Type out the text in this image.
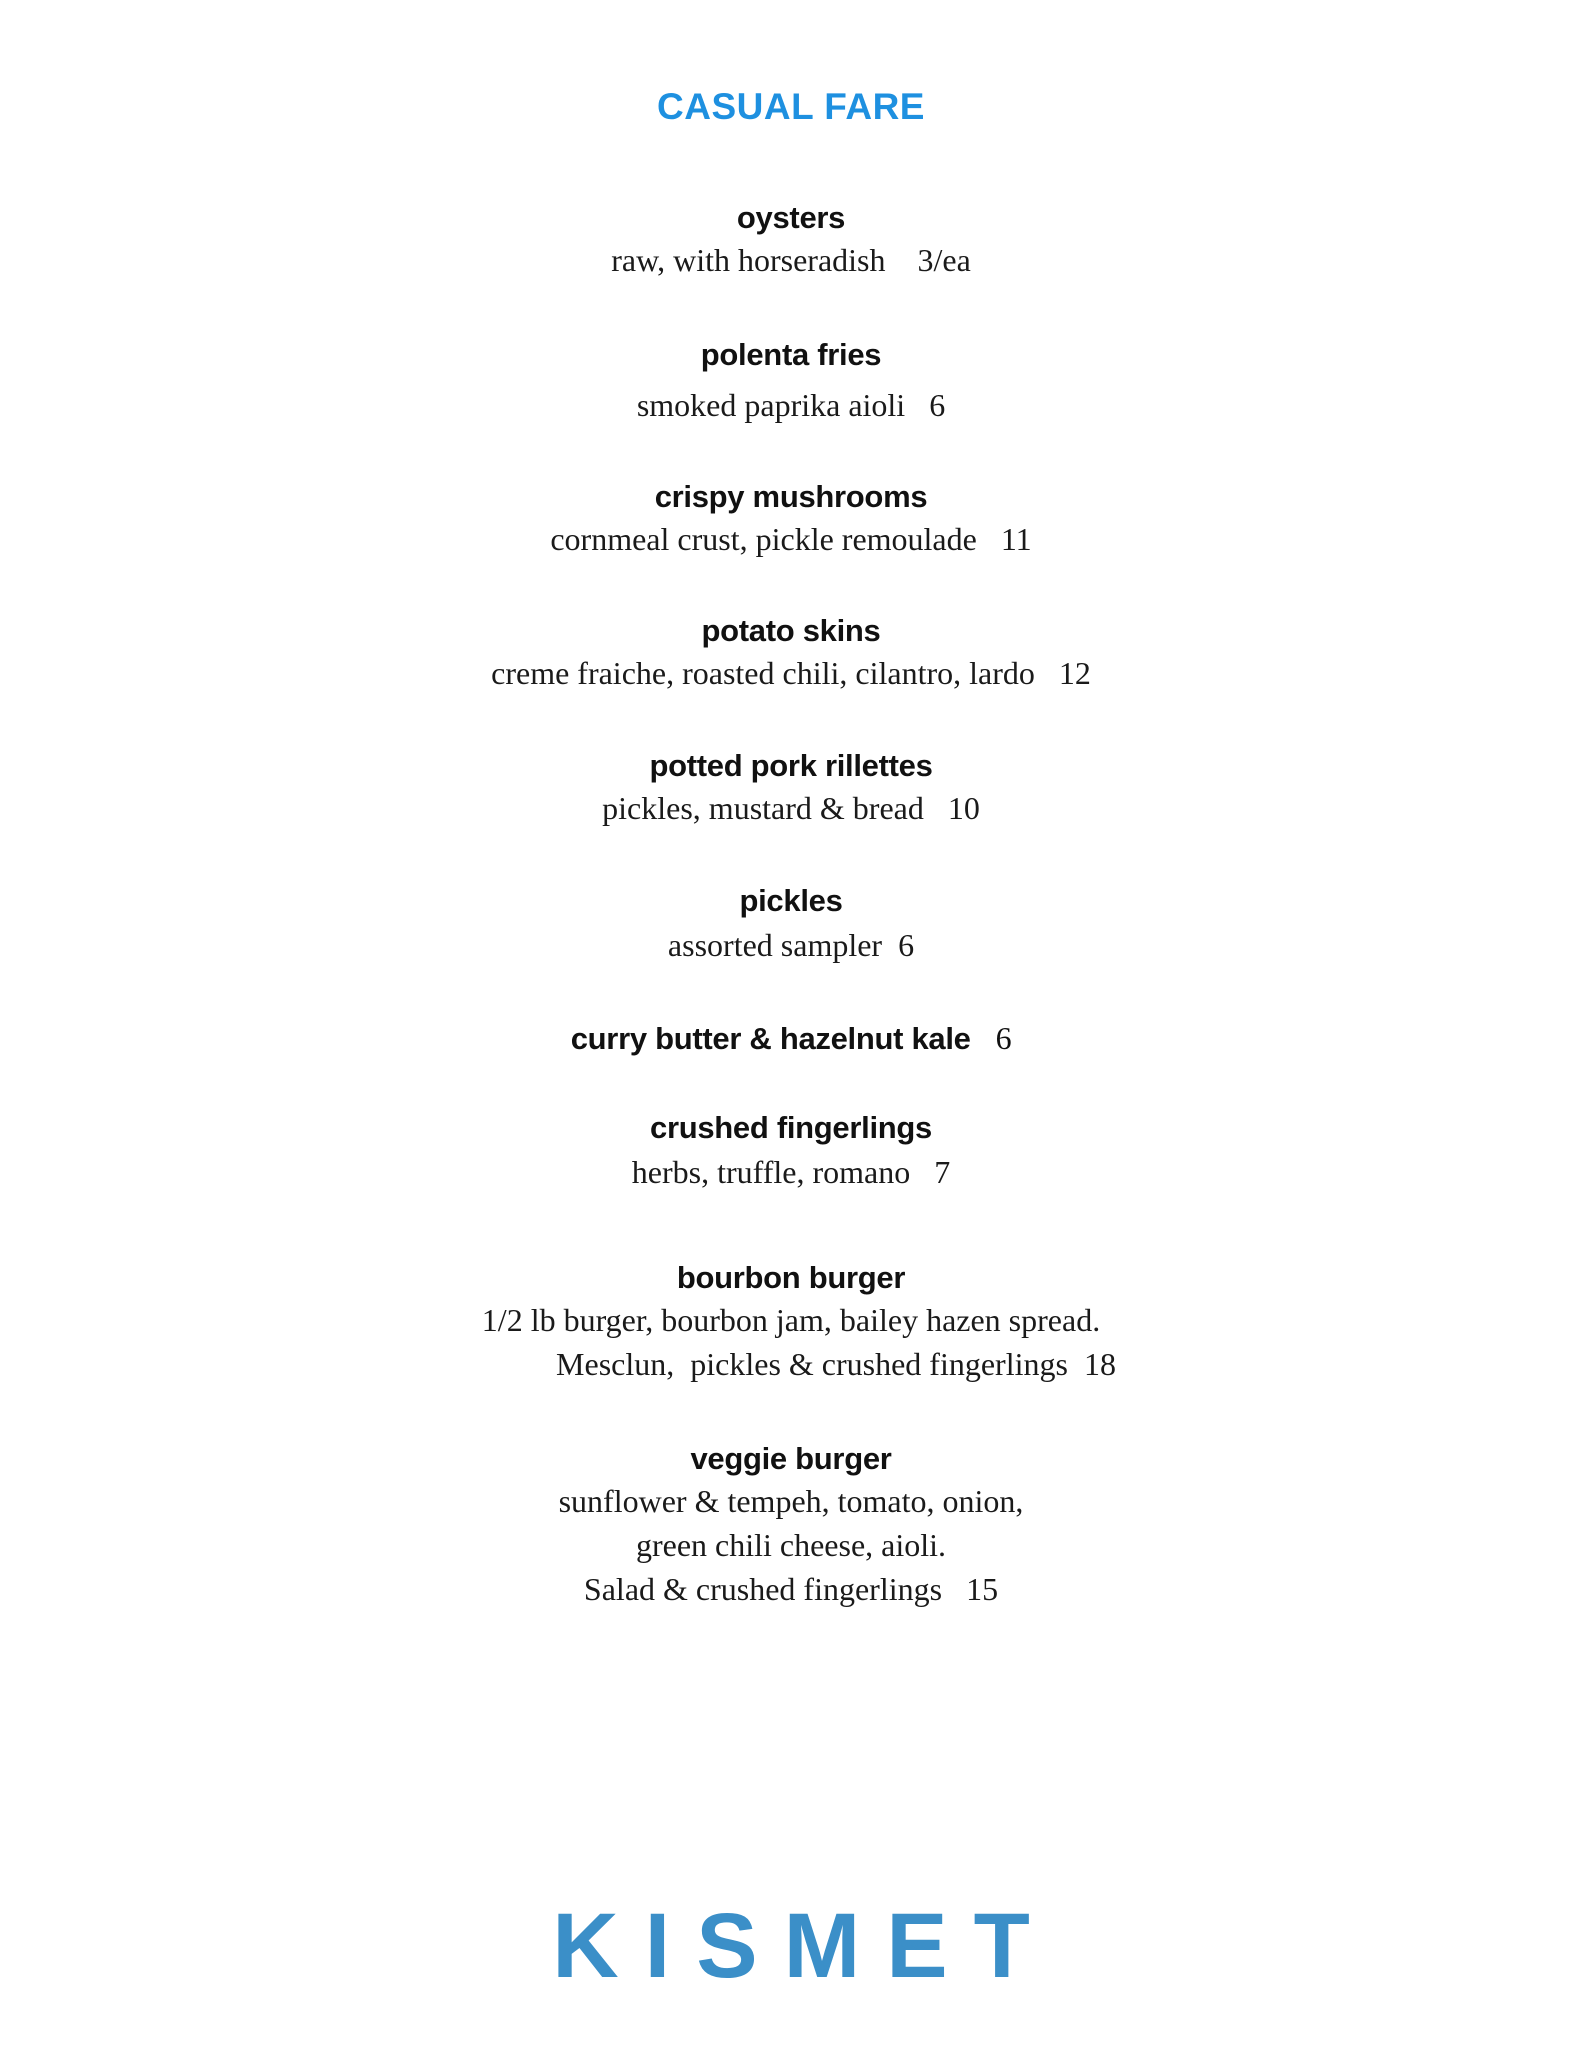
CASUAL FARE
oysters
raw, with horseradish 3/ea
polenta fries
smoked paprika aioli 6
crispy mushrooms
cornmeal crust, pickle remoulade 11
potato skins
creme fraiche, roasted chili, cilantro, lardo 12
potted pork rillettes
pickles, mustard & bread 10
pickles
assorted sampler 6
curry butter & hazelnut kale 6
crushed fingerlings
herbs, truffle, romano 7
bourbon burger
1/2 lb burger, bourbon jam, bailey hazen spread.
Mesclun,  pickles & crushed fingerlings 18
veggie burger
sunflower & tempeh, tomato, onion,
green chili cheese, aioli.
Salad & crushed fingerlings 15
KISMET
